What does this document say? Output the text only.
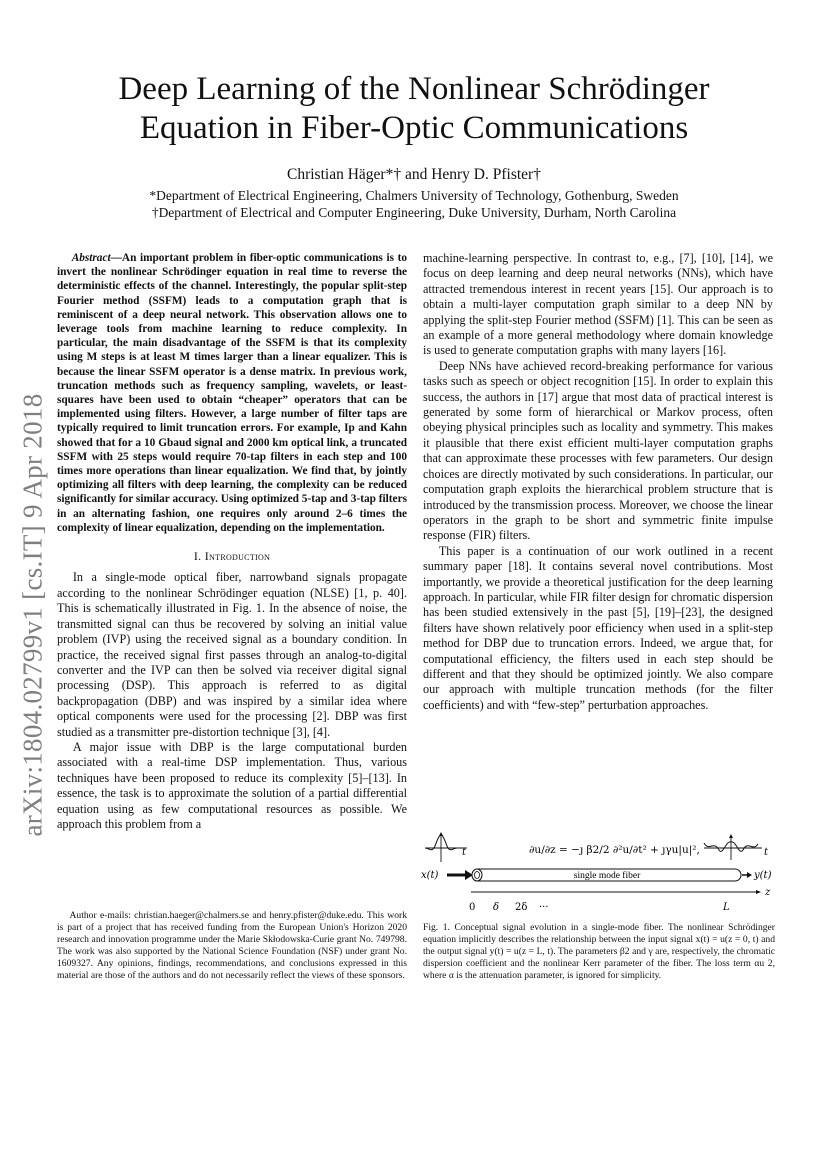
arXiv:1804.02799v1 [cs.IT] 9 Apr 2018
Deep Learning of the Nonlinear Schrödinger Equation in Fiber-Optic Communications
Christian Häger*† and Henry D. Pfister†
*Department of Electrical Engineering, Chalmers University of Technology, Gothenburg, Sweden
†Department of Electrical and Computer Engineering, Duke University, Durham, North Carolina

Abstract—An important problem in fiber-optic communications is to invert the nonlinear Schrödinger equation in real time to reverse the deterministic effects of the channel. Interestingly, the popular split-step Fourier method (SSFM) leads to a computation graph that is reminiscent of a deep neural network. This observation allows one to leverage tools from machine learning to reduce complexity. In particular, the main disadvantage of the SSFM is that its complexity using M steps is at least M times larger than a linear equalizer. This is because the linear SSFM operator is a dense matrix. In previous work, truncation methods such as frequency sampling, wavelets, or least-squares have been used to obtain “cheaper” operators that can be implemented using filters. However, a large number of filter taps are typically required to limit truncation errors. For example, Ip and Kahn showed that for a 10 Gbaud signal and 2000 km optical link, a truncated SSFM with 25 steps would require 70-tap filters in each step and 100 times more operations than linear equalization. We find that, by jointly optimizing all filters with deep learning, the complexity can be reduced significantly for similar accuracy. Using optimized 5-tap and 3-tap filters in an alternating fashion, one requires only around 2–6 times the complexity of linear equalization, depending on the implementation.

I. Introduction

In a single-mode optical fiber, narrowband signals propagate according to the nonlinear Schrödinger equation (NLSE) [1, p. 40]. This is schematically illustrated in Fig. 1. In the absence of noise, the transmitted signal can thus be recovered by solving an initial value problem (IVP) using the received signal as a boundary condition. In practice, the received signal first passes through an analog-to-digital converter and the IVP can then be solved via receiver digital signal processing (DSP). This approach is referred to as digital backpropagation (DBP) and was inspired by a similar idea where optical components were used for the processing [2]. DBP was first studied as a transmitter pre-distortion technique [3], [4].

A major issue with DBP is the large computational burden associated with a real-time DSP implementation. Thus, various techniques have been proposed to reduce its complexity [5]–[13]. In essence, the task is to approximate the solution of a partial differential equation using as few computational resources as possible. We approach this problem from a

Author e-mails: christian.haeger@chalmers.se and henry.pfister@duke.edu. This work is part of a project that has received funding from the European Union's Horizon 2020 research and innovation programme under the Marie Skłodowska-Curie grant No. 749798. The work was also supported by the National Science Foundation (NSF) under grant No. 1609327. Any opinions, findings, recommendations, and conclusions expressed in this material are those of the authors and do not necessarily reflect the views of these sponsors.

machine-learning perspective. In contrast to, e.g., [7], [10], [14], we focus on deep learning and deep neural networks (NNs), which have attracted tremendous interest in recent years [15]. Our approach is to obtain a multi-layer computation graph similar to a deep NN by applying the split-step Fourier method (SSFM) [1]. This can be seen as an example of a more general methodology where domain knowledge is used to generate computation graphs with many layers [16].

Deep NNs have achieved record-breaking performance for various tasks such as speech or object recognition [15]. In order to explain this success, the authors in [17] argue that most data of practical interest is generated by some form of hierarchical or Markov process, often obeying physical principles such as locality and symmetry. This makes it plausible that there exist efficient multi-layer computation graphs that can approximate these processes with few parameters. Our design choices are directly motivated by such considerations. In particular, our computation graph exploits the hierarchical problem structure that is introduced by the transmission process. Moreover, we choose the linear operators in the graph to be short and symmetric finite impulse response (FIR) filters.

This paper is a continuation of our work outlined in a recent summary paper [18]. It contains several novel contributions. Most importantly, we provide a theoretical justification for the deep learning approach. In particular, while FIR filter design for chromatic dispersion has been studied extensively in the past [5], [19]–[23], the designed filters have shown relatively poor efficiency when used in a split-step method for DBP due to truncation errors. Indeed, we argue that, for computational efficiency, the filters used in each step should be different and that they should be optimized jointly. We also compare our approach with multiple truncation methods (for the filter coefficients) and with “few-step” perturbation approaches.

t	t
∂u/∂z = −ȷ β2/2 ∂²u/∂t² + ȷγu|u|²,
x(t)	single mode fiber	y(t)
z
0 δ 2δ ···	L
Fig. 1. Conceptual signal evolution in a single-mode fiber. The nonlinear Schrödinger equation implicitly describes the relationship between the input signal x(t) = u(z = 0, t) and the output signal y(t) = u(z = L, t). The parameters β2 and γ are, respectively, the chromatic dispersion coefficient and the nonlinear Kerr parameter of the fiber. The loss term αu 2, where α is the attenuation parameter, is ignored for simplicity.
